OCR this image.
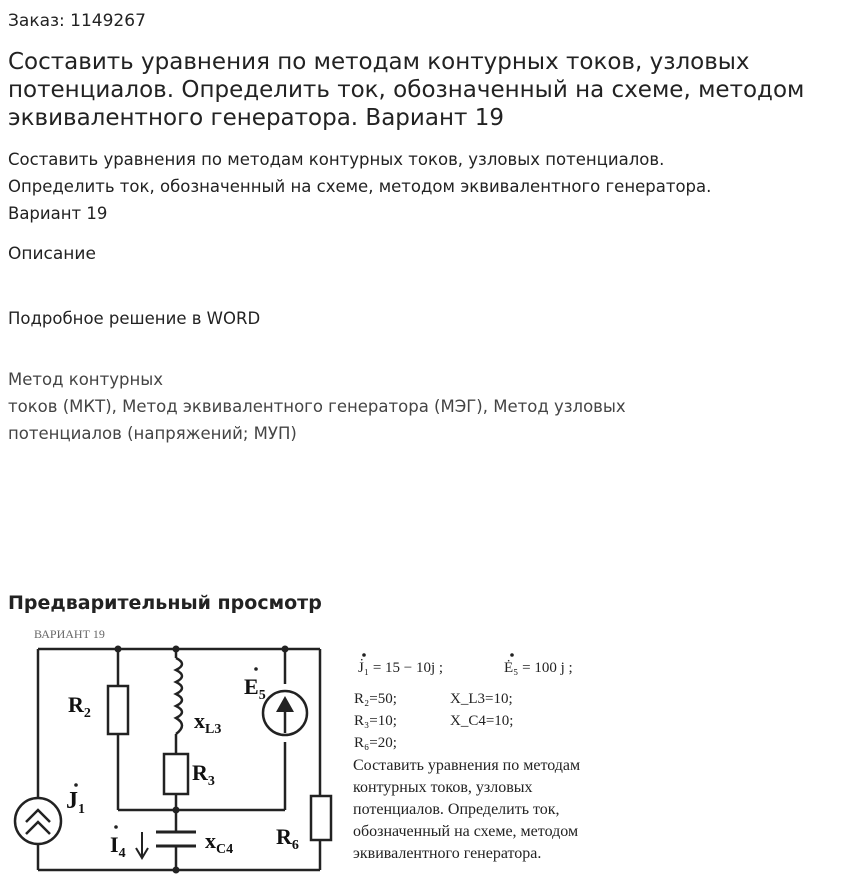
Заказ: 1149267
Составить уравнения по методам контурных токов, узловых потенциалов. Определить ток, обозначенный на схеме, методом эквивалентного генератора. Вариант 19
Составить уравнения по методам контурных токов, узловых потенциалов.
Определить ток, обозначенный на схеме, методом эквивалентного генератора.
Вариант 19
Описание
Подробное решение в WORD
Метод контурных
токов (МКТ), Метод эквивалентного генератора (МЭГ), Метод узловых
потенциалов (напряжений; МУП)
Предварительный просмотр
ВАРИАНТ 19
$R_2$
$J_1$
$x_{L3}$
$R_3$
$E_5$
$I_4$
$x_{C4}$
$R_6$
J̇₁ = 15 − 10j ;	Ė₅ = 100 j ;
R₂=50;	X_L3=10;
R₃=10;	X_C4=10;
R₆=20;
Составить уравнения по методам
контурных токов, узловых
потенциалов. Определить ток,
обозначенный на схеме, методом
эквивалентного генератора.
